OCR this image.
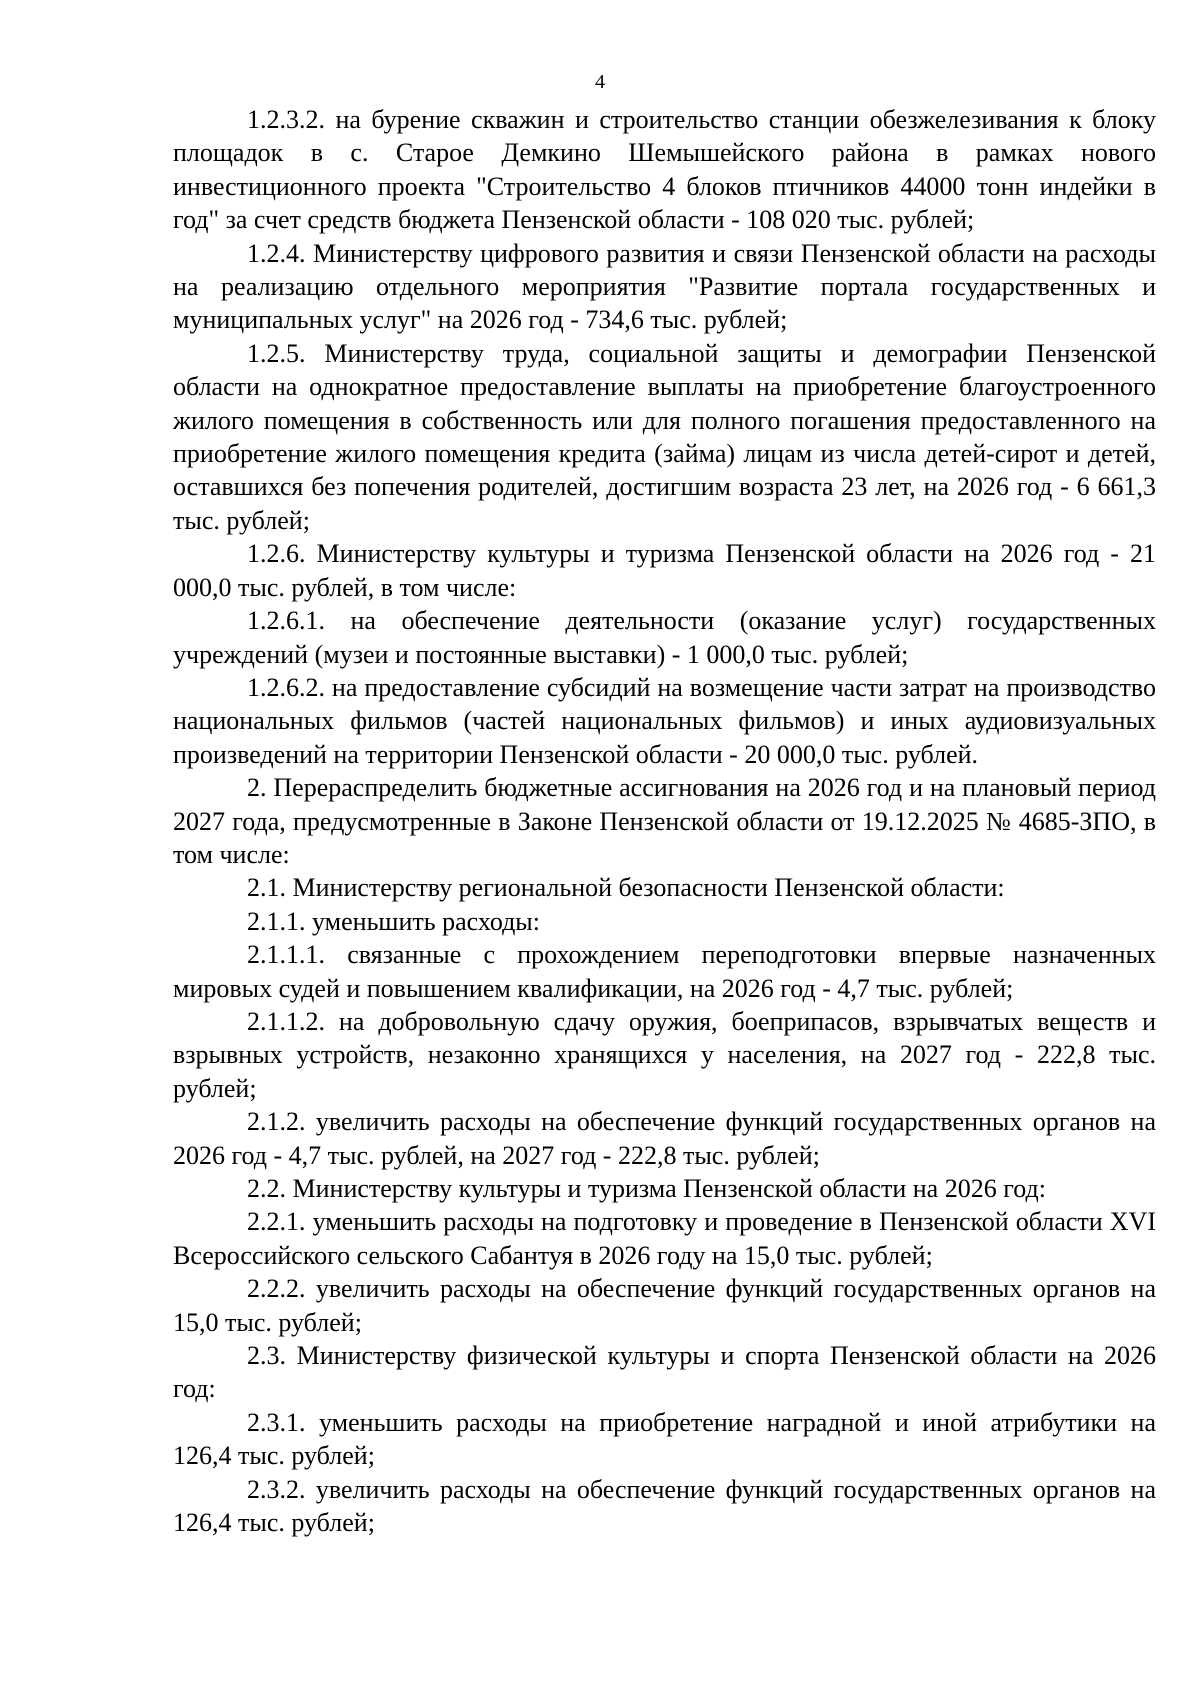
4

1.2.3.2. на бурение скважин и строительство станции обезжелезивания к блоку площадок в с. Старое Демкино Шемышейского района в рамках нового инвестиционного проекта "Строительство 4 блоков птичников 44000 тонн индейки в год" за счет средств бюджета Пензенской области - 108 020 тыс. рублей;

1.2.4. Министерству цифрового развития и связи Пензенской области на расходы на реализацию отдельного мероприятия "Развитие портала государственных и муниципальных услуг" на 2026 год - 734,6 тыс. рублей;

1.2.5. Министерству труда, социальной защиты и демографии Пензенской области на однократное предоставление выплаты на приобретение благоустроенного жилого помещения в собственность или для полного погашения предоставленного на приобретение жилого помещения кредита (займа) лицам из числа детей-сирот и детей, оставшихся без попечения родителей, достигшим возраста 23 лет, на 2026 год - 6 661,3 тыс. рублей;

1.2.6. Министерству культуры и туризма Пензенской области на 2026 год - 21 000,0 тыс. рублей, в том числе:

1.2.6.1. на обеспечение деятельности (оказание услуг) государственных учреждений (музеи и постоянные выставки) - 1 000,0 тыс. рублей;

1.2.6.2. на предоставление субсидий на возмещение части затрат на производство национальных фильмов (частей национальных фильмов) и иных аудиовизуальных произведений на территории Пензенской области - 20 000,0 тыс. рублей.

2. Перераспределить бюджетные ассигнования на 2026 год и на плановый период 2027 года, предусмотренные в Законе Пензенской области от 19.12.2025 № 4685-ЗПО, в том числе:

2.1. Министерству региональной безопасности Пензенской области:

2.1.1. уменьшить расходы:

2.1.1.1. связанные с прохождением переподготовки впервые назначенных мировых судей и повышением квалификации, на 2026 год - 4,7 тыс. рублей;

2.1.1.2. на добровольную сдачу оружия, боеприпасов, взрывчатых веществ и взрывных устройств, незаконно хранящихся у населения, на 2027 год - 222,8 тыс. рублей;

2.1.2. увеличить расходы на обеспечение функций государственных органов на 2026 год - 4,7 тыс. рублей, на 2027 год - 222,8 тыс. рублей;

2.2. Министерству культуры и туризма Пензенской области на 2026 год:

2.2.1. уменьшить расходы на подготовку и проведение в Пензенской области XVI Всероссийского сельского Сабантуя в 2026 году на 15,0 тыс. рублей;

2.2.2. увеличить расходы на обеспечение функций государственных органов на 15,0 тыс. рублей;

2.3. Министерству физической культуры и спорта Пензенской области на 2026 год:

2.3.1. уменьшить расходы на приобретение наградной и иной атрибутики на 126,4 тыс. рублей;

2.3.2. увеличить расходы на обеспечение функций государственных органов на 126,4 тыс. рублей;
